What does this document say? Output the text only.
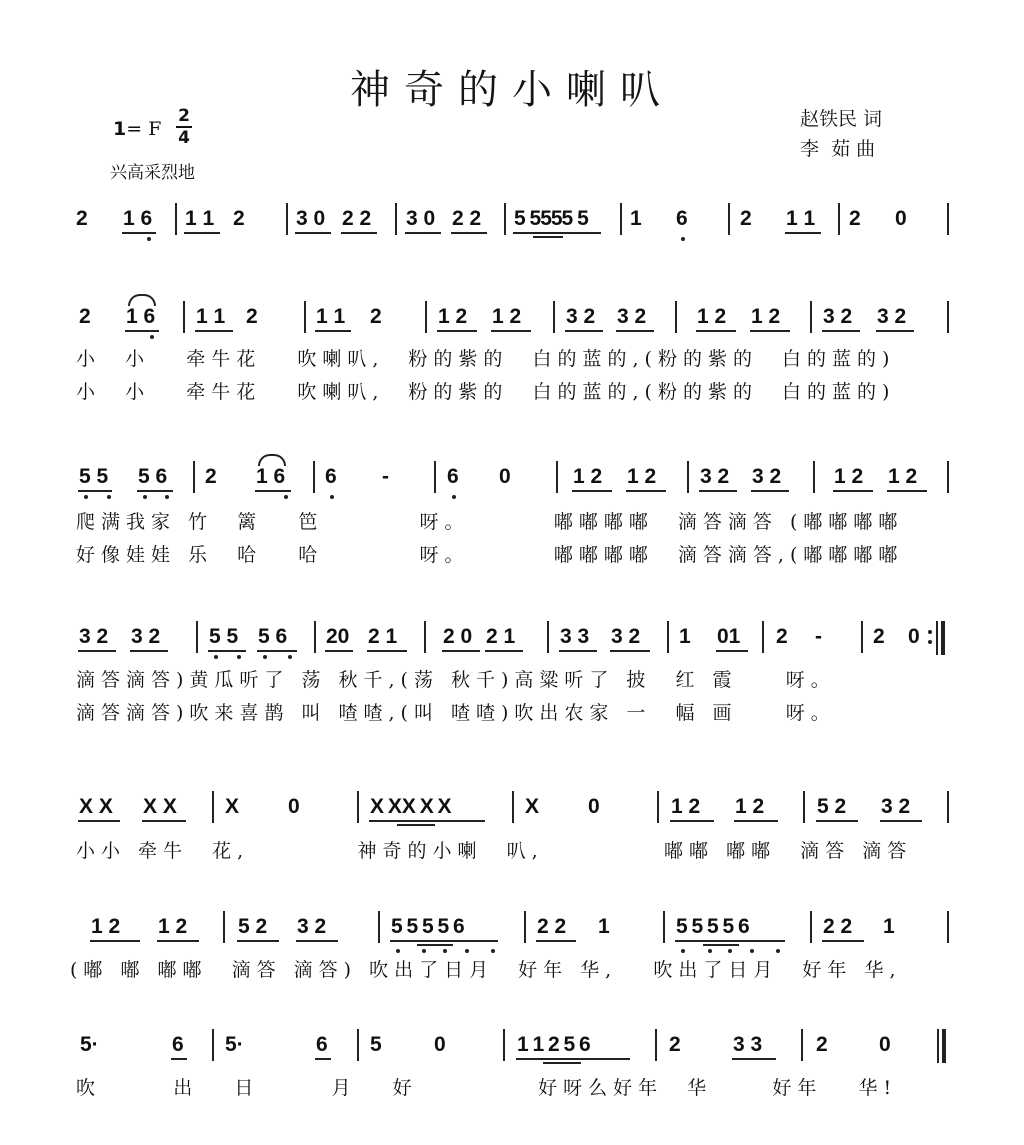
神奇的小喇叭
1= F
2
4
兴高采烈地
赵铁民 词
李  茹 曲
2 1 6 1 1 2 3 0 2 2 3 0 2 2 5 5555 5 1 6 2 1 1 2 0
2 1 6 1 1 2	1 1 2	1 2 1 2 3 2 3 2 1 2 1 2 3 2 3 2
小  小   牵牛花   吹喇叭,  粉的紫的  白的蓝的,(粉的紫的  白的蓝的)
小  小   牵牛花   吹喇叭,  粉的紫的  白的蓝的,(粉的紫的  白的蓝的)
5 5 5 6 2 1 6 6 -	6 0	1 2 1 2 3 2 3 2	1 2 1 2
爬满我家 竹  篱   笆        呀。       嘟嘟嘟嘟  滴答滴答 (嘟嘟嘟嘟
好像娃娃 乐  哈   哈        呀。       嘟嘟嘟嘟  滴答滴答,(嘟嘟嘟嘟
3 2 3 2 5 5 5 6 20 2 1 2 0 2 1 3 3 3 2 1 01 2 - 2 0
滴答滴答)黄瓜听了 荡 秋千,(荡 秋千)高粱听了 披  红 霞    呀。
滴答滴答)吹来喜鹊 叫 喳喳,(叫 喳喳)吹出农家 一  幅 画    呀。
X X X X X 0	X XX X X	X 0	1 2 1 2	5 2 3 2
小小 牵牛  花,         神奇的小喇  叭,          嘟嘟 嘟嘟  滴答 滴答
1 2 1 2 5 2 3 2	5 5 5 5 6	2 2 1	5 5 5 5 6	2 2 1
(嘟 嘟 嘟嘟  滴答 滴答) 吹出了日月  好年 华,   吹出了日月  好年 华,
5·	6 5·	6 5 0	1 1 2 5 6	2 3 3	2 0
吹      出   日      月   好          好呀么好年  华     好年   华!
